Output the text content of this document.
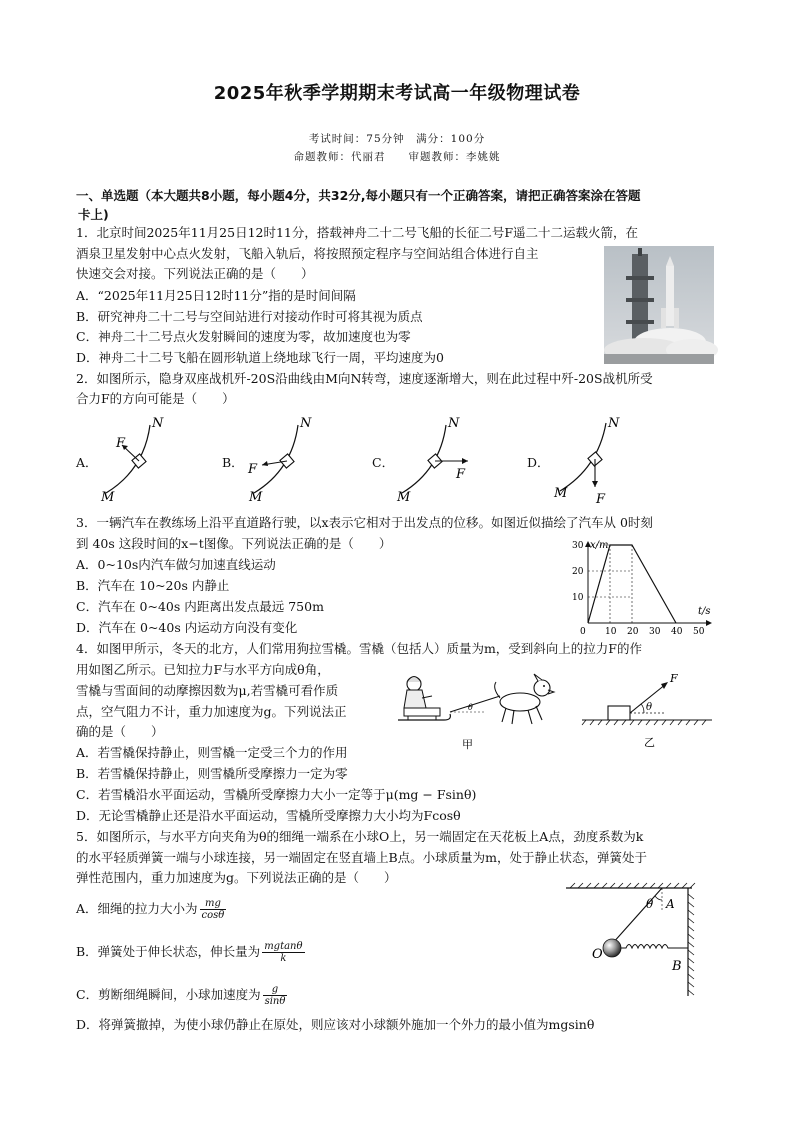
2025年秋季学期期末考试高一年级物理试卷
考试时间：75分钟　满分：100分
命题教师：代丽君　　审题教师：李姚姚
一、单选题（本大题共8小题，每小题4分，共32分,每小题只有一个正确答案，请把正确答案涂在答题
卡上)
1．北京时间2025年11月25日12时11分，搭载神舟二十二号飞船的长征二号F遥二十二运载火箭，在
酒泉卫星发射中心点火发射，飞船入轨后，将按照预定程序与空间站组合体进行自主
快速交会对接。下列说法正确的是（　　）
A．“2025年11月25日12时11分”指的是时间间隔
B．研究神舟二十二号与空间站进行对接动作时可将其视为质点
C．神舟二十二号点火发射瞬间的速度为零，故加速度也为零
D．神舟二十二号飞船在圆形轨道上绕地球飞行一周，平均速度为0
2．如图所示，隐身双座战机歼-20S沿曲线由M向N转弯，速度逐渐增大，则在此过程中歼-20S战机所受
合力F的方向可能是（　　）
A．
F
N
M
B． F
N
M
C．
F
N
M
D．
F
N
M
3．一辆汽车在教练场上沿平直道路行驶，以x表示它相对于出发点的位移。如图近似描绘了汽车从 0时刻
到 40s 这段时间的x−t图像。下列说法正确的是（　　）
A．0~10s内汽车做匀加速直线运动
B．汽车在 10~20s 内静止
C．汽车在 0~40s 内距离出发点最远 750m
D．汽车在 0~40s 内运动方向没有变化
x/m
t/s
0 10 20 30 40 50
10
20
30
4．如图甲所示，冬天的北方，人们常用狗拉雪橇。雪橇（包括人）质量为m，受到斜向上的拉力F的作
用如图乙所示。已知拉力F与水平方向成θ角，
雪橇与雪面间的动摩擦因数为μ,若雪橇可看作质
点，空气阻力不计，重力加速度为g。下列说法正
确的是（　　）
A．若雪橇保持静止，则雪橇一定受三个力的作用
B．若雪橇保持静止，则雪橇所受摩擦力一定为零
C．若雪橇沿水平面运动，雪橇所受摩擦力大小一定等于μ(mg − Fsinθ)
D．无论雪橇静止还是沿水平面运动，雪橇所受摩擦力大小均为Fcosθ
θ
甲
θ
F
乙
5．如图所示，与水平方向夹角为θ的细绳一端系在小球O上，另一端固定在天花板上A点，劲度系数为k
的水平轻质弹簧一端与小球连接，另一端固定在竖直墙上B点。小球质量为m，处于静止状态，弹簧处于
弹性范围内，重力加速度为g。下列说法正确的是（　　）
A．细绳的拉力大小为 $\frac{mg}{\cos\theta}$
B．弹簧处于伸长状态，伸长量为 $\frac{mgtan\theta}{k}$
C．剪断细绳瞬间，小球加速度为 $\frac{g}{\sin\theta}$
D．将弹簧撤掉，为使小球仍静止在原处，则应该对小球额外施加一个外力的最小值为mgsinθ
θ A
O
B
